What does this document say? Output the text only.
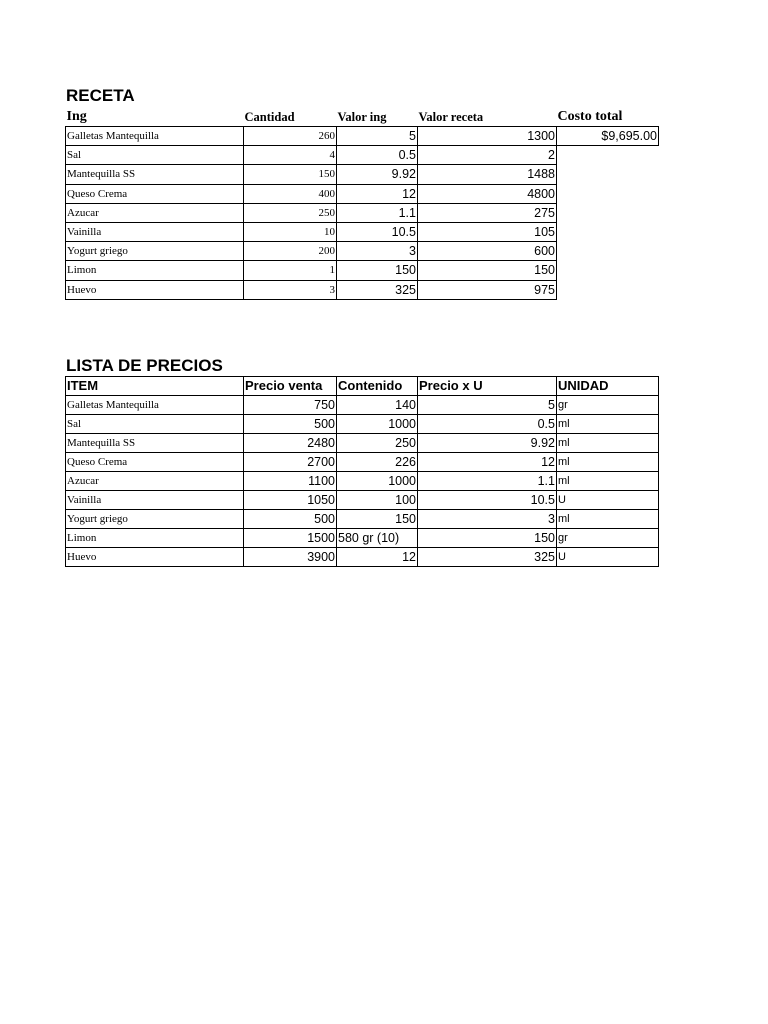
RECETA
Ing	Cantidad	Valor ing	Valor receta	Costo total
Galletas Mantequilla	260	5	1300	$9,695.00
Sal	4	0.5	2	
Mantequilla SS	150	9.92	1488	
Queso Crema	400	12	4800	
Azucar	250	1.1	275	
Vainilla	10	10.5	105	
Yogurt griego	200	3	600	
Limon	1	150	150	
Huevo	3	325	975	
LISTA DE PRECIOS
ITEM	Precio venta	Contenido	Precio x U	UNIDAD
Galletas Mantequilla	750	140	5	gr
Sal	500	1000	0.5	ml
Mantequilla SS	2480	250	9.92	ml
Queso Crema	2700	226	12	ml
Azucar	1100	1000	1.1	ml
Vainilla	1050	100	10.5	U
Yogurt griego	500	150	3	ml
Limon	1500	580 gr (10)	150	gr
Huevo	3900	12	325	U
